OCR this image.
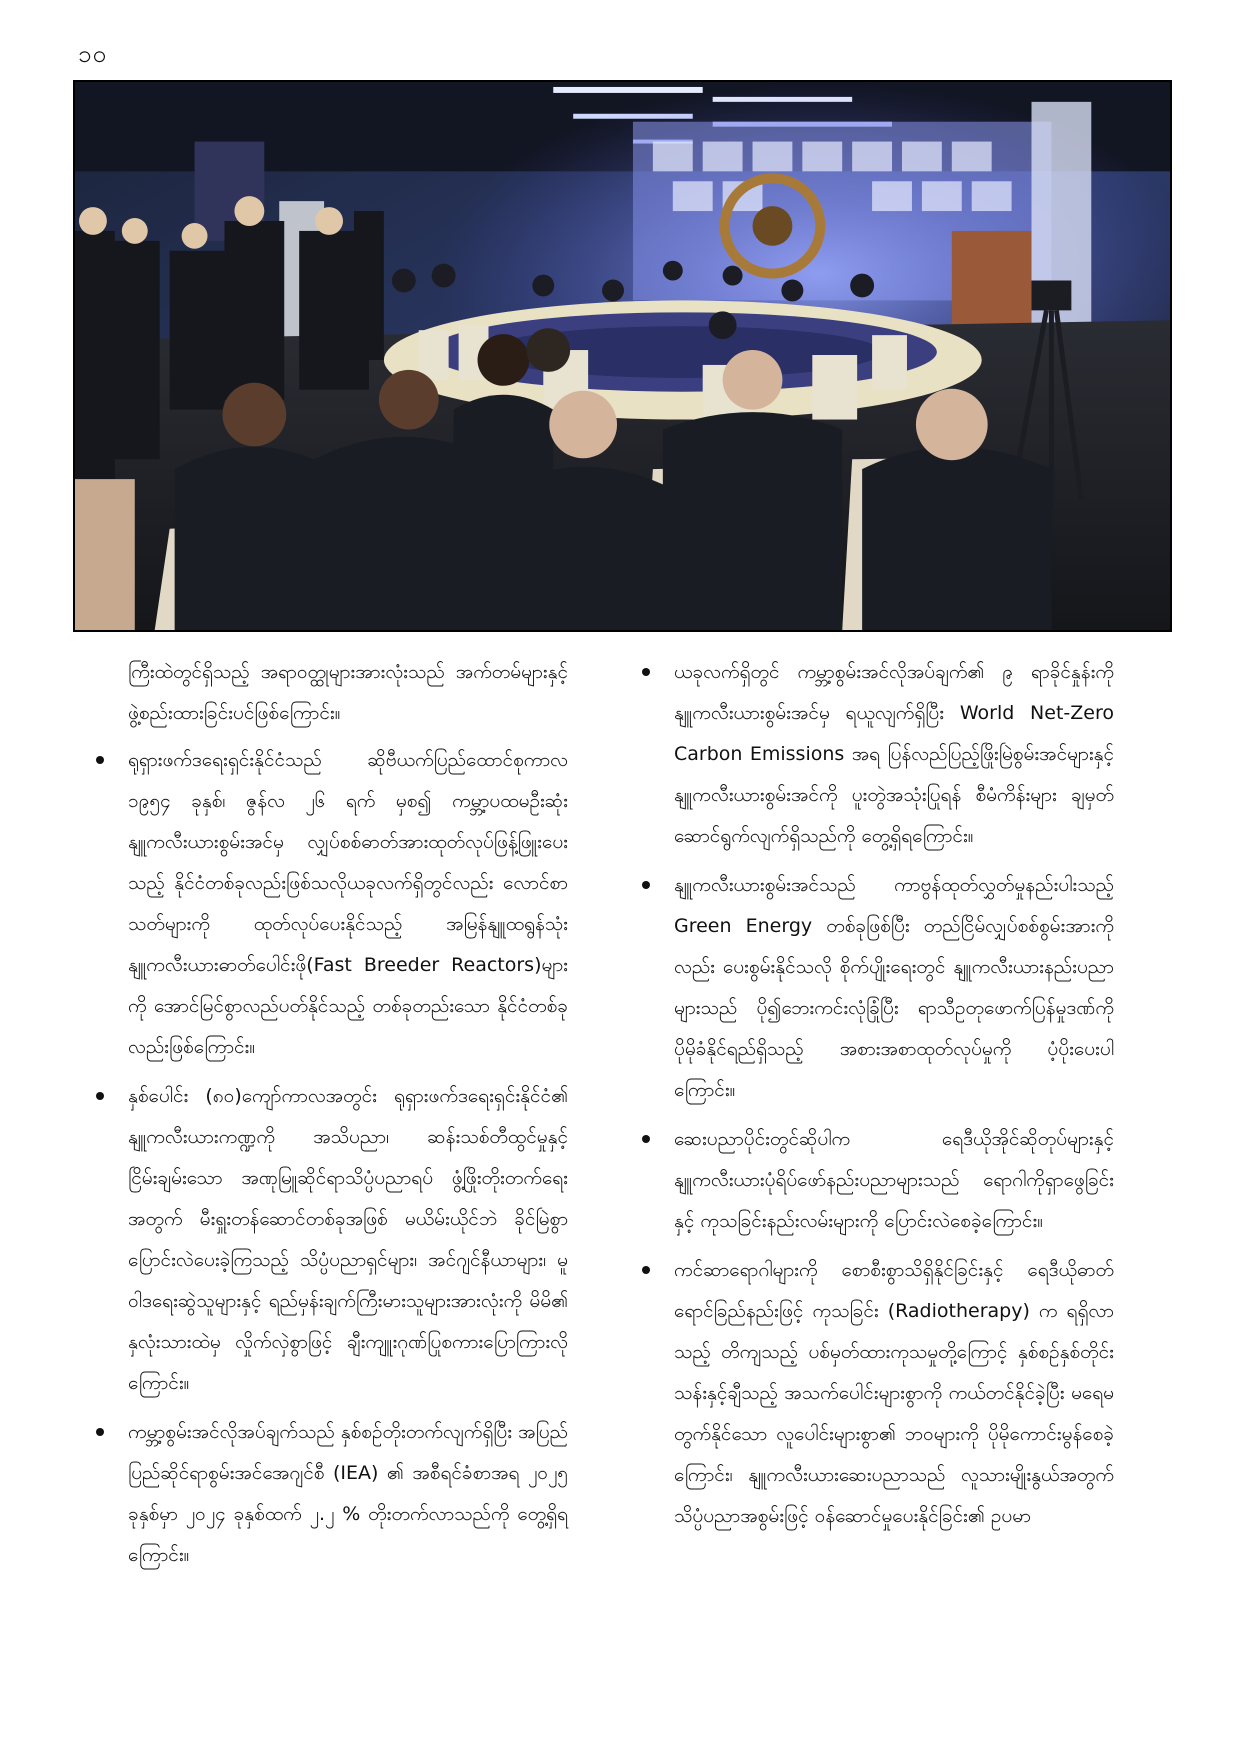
၁၀

ကြီးထဲတွင်ရှိသည့် အရာဝတ္ထုများအားလုံးသည် အက်တမ်များနှင့် ဖွဲ့စည်းထားခြင်းပင်ဖြစ်ကြောင်း။

ရုရှားဖက်ဒရေးရှင်းနိုင်ငံသည် ဆိုဗီယက်ပြည်ထောင်စုကာလ ၁၉၅၄ ခုနှစ်၊ ဇွန်လ ၂၆ ရက် မှစ၍ ကမ္ဘာ့ပထမဦးဆုံး နျူကလီးယားစွမ်းအင်မှ လျှပ်စစ်ဓာတ်အားထုတ်လုပ်ဖြန့်ဖြူးပေးသည့် နိုင်ငံတစ်ခုလည်းဖြစ်သလိုယခုလက်ရှိတွင်လည်း လောင်စာသတ်များကို ထုတ်လုပ်ပေးနိုင်သည့် အမြန်နျူထရွန်သုံး နျူကလီးယားဓာတ်ပေါင်းဖို(Fast Breeder Reactors)များကို အောင်မြင်စွာလည်ပတ်နိုင်သည့် တစ်ခုတည်းသော နိုင်ငံတစ်ခုလည်းဖြစ်ကြောင်း။
နှစ်ပေါင်း (၈၀)ကျော်ကာလအတွင်း ရုရှားဖက်ဒရေးရှင်းနိုင်ငံ၏ နျူကလီးယားကဏ္ဍကို အသိပညာ၊ ဆန်းသစ်တီထွင်မှုနှင့် ငြိမ်းချမ်းသော အဏုမြူဆိုင်ရာသိပ္ပံပညာရပ် ဖွံ့ဖြိုးတိုးတက်ရေးအတွက် မီးရှူးတန်ဆောင်တစ်ခုအဖြစ် မယိမ်းယိုင်ဘဲ ခိုင်မြဲစွာ ပြောင်းလဲပေးခဲ့ကြသည့် သိပ္ပံပညာရှင်များ၊ အင်ဂျင်နီယာများ၊ မူဝါဒရေးဆွဲသူများနှင့် ရည်မှန်းချက်ကြီးမားသူများအားလုံးကို မိမိ၏ နှလုံးသားထဲမှ လှိုက်လှဲစွာဖြင့် ချီးကျူးဂုဏ်ပြုစကားပြောကြားလိုကြောင်း။
ကမ္ဘာ့စွမ်းအင်လိုအပ်ချက်သည် နှစ်စဉ်တိုးတက်လျက်ရှိပြီး အပြည်ပြည်ဆိုင်ရာစွမ်းအင်အေဂျင်စီ (IEA) ၏ အစီရင်ခံစာအရ ၂၀၂၅ ခုနှစ်မှာ ၂၀၂၄ ခုနှစ်ထက် ၂.၂ % တိုးတက်လာသည်ကို တွေ့ရှိရကြောင်း။
ယခုလက်ရှိတွင် ကမ္ဘာ့စွမ်းအင်လိုအပ်ချက်၏ ၉ ရာခိုင်နှုန်းကို နျူကလီးယားစွမ်းအင်မှ ရယူလျက်ရှိပြီး World Net-Zero Carbon Emissions အရ ပြန်လည်ပြည့်ဖြိုးမြဲစွမ်းအင်များနှင့် နျူကလီးယားစွမ်းအင်ကို ပူးတွဲအသုံးပြုရန် စီမံကိန်းများ ချမှတ်ဆောင်ရွက်လျက်ရှိသည်ကို တွေ့ရှိရကြောင်း။
နျူကလီးယားစွမ်းအင်သည် ကာဗွန်ထုတ်လွှတ်မှုနည်းပါးသည့် Green Energy တစ်ခုဖြစ်ပြီး တည်ငြိမ်လျှပ်စစ်စွမ်းအားကိုလည်း ပေးစွမ်းနိုင်သလို စိုက်ပျိုးရေးတွင် နျူကလီးယားနည်းပညာများသည် ပို၍ဘေးကင်းလုံခြုံပြီး ရာသီဥတုဖောက်ပြန်မှုဒဏ်ကို ပိုမိုခံနိုင်ရည်ရှိသည့် အစားအစာထုတ်လုပ်မှုကို ပံ့ပိုးပေးပါကြောင်း။
ဆေးပညာပိုင်းတွင်ဆိုပါက ရေဒီယိုအိုင်ဆိုတုပ်များနှင့် နျူကလီးယားပုံရိပ်ဖော်နည်းပညာများသည် ရောဂါကိုရှာဖွေခြင်းနှင့် ကုသခြင်းနည်းလမ်းများကို ပြောင်းလဲစေခဲ့ကြောင်း။
ကင်ဆာရောဂါများကို စောစီးစွာသိရှိနိုင်ခြင်းနှင့် ရေဒီယိုဓာတ်ရောင်ခြည်နည်းဖြင့် ကုသခြင်း (Radiotherapy) က ရရှိလာသည့် တိကျသည့် ပစ်မှတ်ထားကုသမှုတို့ကြောင့် နှစ်စဉ်နှစ်တိုင်း သန်းနှင့်ချီသည့် အသက်ပေါင်းများစွာကို ကယ်တင်နိုင်ခဲ့ပြီး မရေမတွက်နိုင်သော လူပေါင်းများစွာ၏ ဘဝများကို ပိုမိုကောင်းမွန်စေခဲ့ကြောင်း၊ နျူကလီးယားဆေးပညာသည် လူသားမျိုးနွယ်အတွက် သိပ္ပံပညာအစွမ်းဖြင့် ဝန်ဆောင်မှုပေးနိုင်ခြင်း၏ ဥပမာ
